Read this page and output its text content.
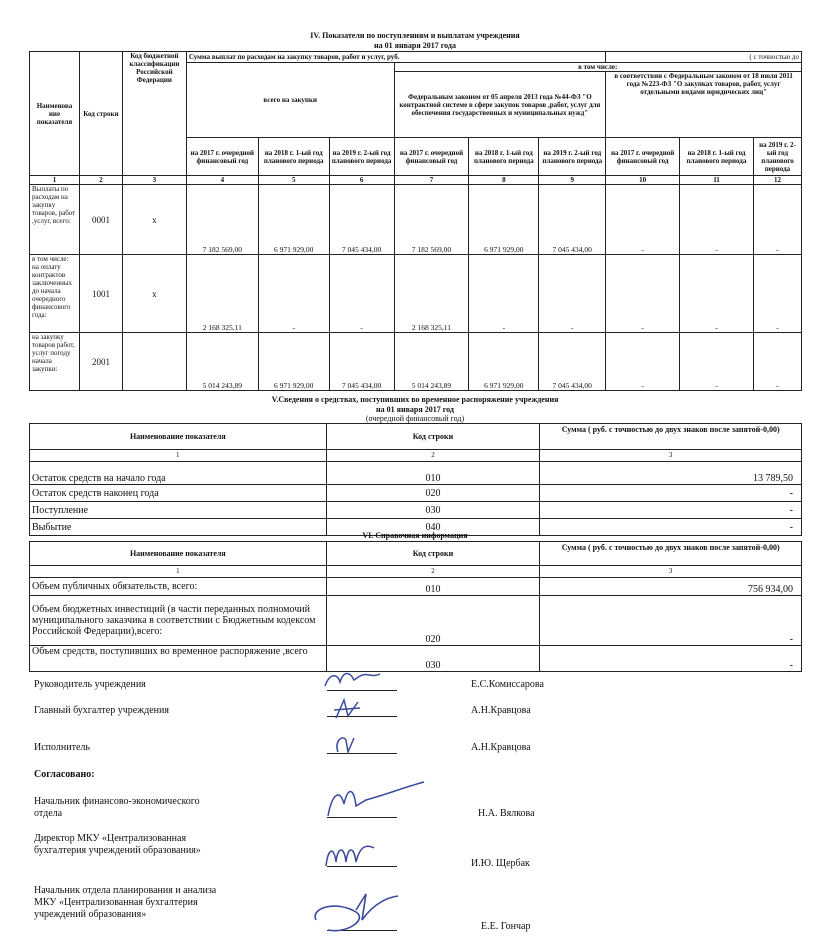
IV. Показатели по поступлениям и выплатам учреждения
на 01 января 2017 года
Наименова ние показателя	Код строки	Код бюджетной классификации Российской Федерации	Сумма выплат по расходам на закупку товаров, работ и услуг, руб.						( с точностью до		
			всего на закупки			в том числе:					
						Федеральным законом от 05 апреля 2013 года №44-ФЗ "О контрактной системе в сфере закупок товаров ,работ, услуг для обеспечения государственных и муниципальных нужд"			в соответствии с Федеральным законом от 18 июля 2011 года №223-ФЗ "О закупках товаров, работ, услуг отдельными видами юридических лиц"		
			на 2017 г. очередной финансовый год	на 2018 г. 1-ый год планового периода	на 2019 г. 2-ый год планового периода	на 2017 г. очередной финансовый год	на 2018 г. 1-ый год планового периода	на 2019 г. 2-ый год планового периода	на 2017 г. очередной финансовый год	на 2018 г. 1-ый год планового периода	на 2019 г. 2-ый год планового периода
1	2	3	4	5	6	7	8	9	10	11	12
Выплаты по расходам на закупку товаров, работ ,услуг, всего:	0001	х	7 182 569,00	6 971 929,00	7 045 434,00	7 182 569,00	6 971 929,00	7 045 434,00	-	-	-
в том числе: на оплату контрактов заключенных до начала очередного финансового года:	1001	х	2 168 325,11	-	-	2 168 325,11	-	-	-	-	-
на закупку товаров работ, услуг погоду начала закупки:	2001		5 014 243,89	6 971 929,00	7 045 434,00	5 014 243,89	6 971 929,00	7 045 434,00	-	-	-
V.Сведения о средствах, поступивших во временное распоряжение учреждения
на 01 января 2017 год
(очередной финансовый год)
Наименование показателя	Код строки	Сумма ( руб. с точностью до двух знаков после запятой-0,00)
1	2	3
Остаток средств на начало года	010	13 789,50
Остаток средств наконец года	020	-
Поступление	030	-
Выбытие	040	-
VI. Справочная информация
Наименование показателя	Код строки	Сумма ( руб. с точностью до двух знаков после запятой-0,00)
1	2	3
Объем публичных обязательств, всего:	010	756 934,00
Объем бюджетных инвестиций (в части переданных полномочий муниципального заказчика в соответствии с Бюджетным кодексом Российской Федерации),всего:	020	-
Объем средств, поступивших во временное распоряжение ,всего	030	-
Руководитель учреждения	Е.С.Комиссарова
Главный бухгалтер учреждения	А.Н.Кравцова
Исполнитель	А.Н.Кравцова
Согласовано:
Начальник финансово-экономического отдела	Н.А. Вялкова
Директор МКУ «Централизованная бухгалтерия учреждений образования»
И.Ю. Щербак
Начальник отдела планирования и анализа МКУ «Централизованная бухгалтерия учреждений образования»
Е.Е. Гончар
